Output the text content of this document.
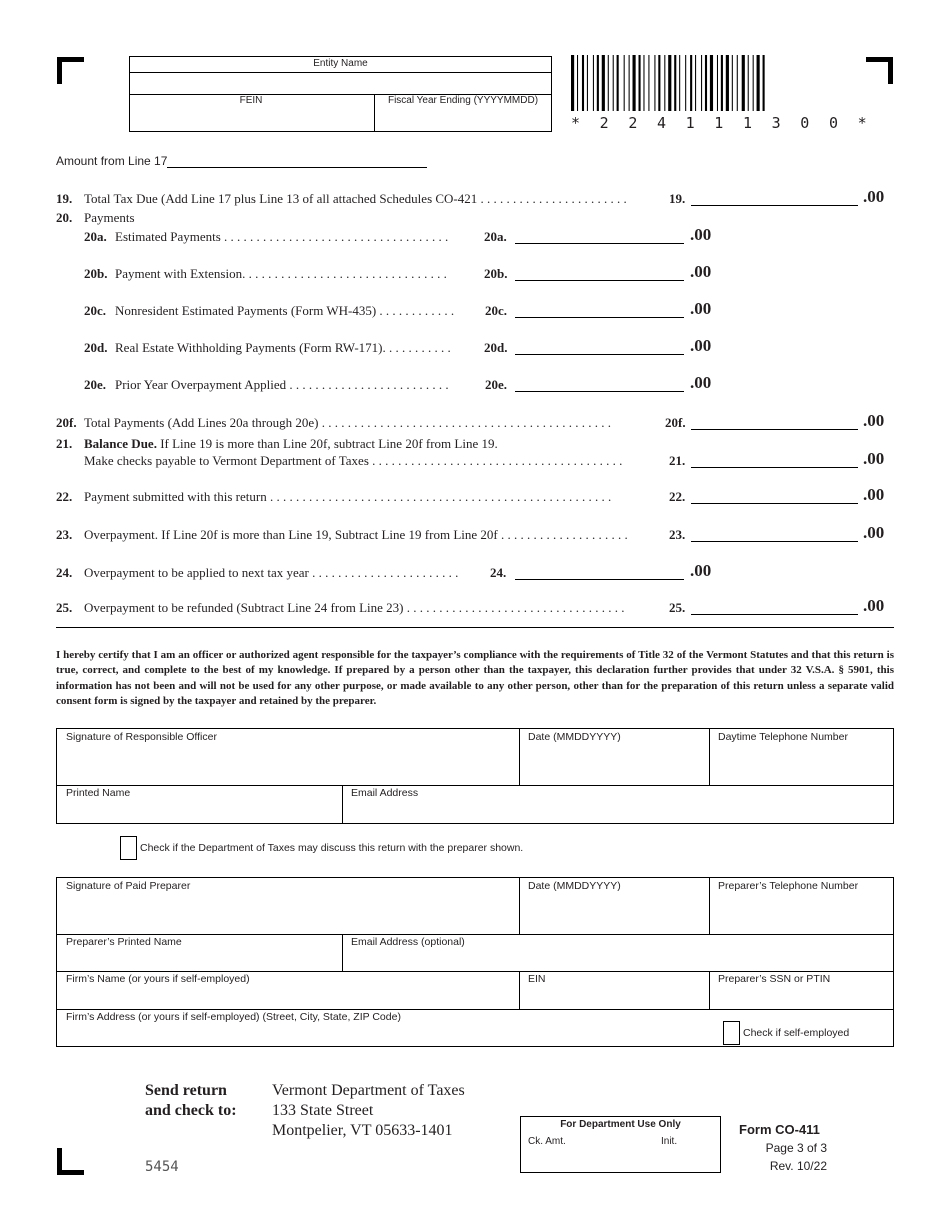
Entity Name
FEIN	Fiscal Year Ending (YYYYMMDD)
* 2 2 4 1 1 1 3 0 0 *
Amount from Line 17
19. Total Tax Due (Add Line 17 plus Line 13 of all attached Schedules CO-421 . . . . . . . . . . . . . . . . . . . . . . .	19.	.00
20. Payments
20a. Estimated Payments . . . . . . . . . . . . . . . . . . . . . . . . . . . . . . . . . . .	20a.	.00
20b. Payment with Extension. . . . . . . . . . . . . . . . . . . . . . . . . . . . . . . .	20b.	.00
20c. Nonresident Estimated Payments (Form WH-435) . . . . . . . . . . . . 20c.	.00
20d. Real Estate Withholding Payments (Form RW-171). . . . . . . . . . .	20d.	.00
20e. Prior Year Overpayment Applied . . . . . . . . . . . . . . . . . . . . . . . . .	20e.	.00
20f. Total Payments (Add Lines 20a through 20e) . . . . . . . . . . . . . . . . . . . . . . . . . . . . . . . . . . . . . . . . . . . . .	20f.	.00
21. Balance Due. If Line 19 is more than Line 20f, subtract Line 20f from Line 19.
Make checks payable to Vermont Department of Taxes . . . . . . . . . . . . . . . . . . . . . . . . . . . . . . . . . . . . . . .	21.	.00
22. Payment submitted with this return . . . . . . . . . . . . . . . . . . . . . . . . . . . . . . . . . . . . . . . . . . . . . . . . . . . . .	22.	.00
23. Overpayment. If Line 20f is more than Line 19, Subtract Line 19 from Line 20f . . . . . . . . . . . . . . . . . . . .	23.	.00
24. Overpayment to be applied to next tax year . . . . . . . . . . . . . . . . . . . . . . . 24.	.00
25. Overpayment to be refunded (Subtract Line 24 from Line 23) . . . . . . . . . . . . . . . . . . . . . . . . . . . . . . . . . .	25.	.00
I hereby certify that I am an officer or authorized agent responsible for the taxpayer’s compliance with the requirements of Title 32 of the Vermont Statutes and that this return is true, correct, and complete to the best of my knowledge. If prepared by a person other than the taxpayer, this declaration further provides that under 32 V.S.A. § 5901, this information has not been and will not be used for any other purpose, or made available to any other person, other than for the preparation of this return unless a separate valid consent form is signed by the taxpayer and retained by the preparer.
Signature of Responsible Officer	Date (MMDDYYYY)	Daytime Telephone Number
Printed Name	Email Address
Check if the Department of Taxes may discuss this return with the preparer shown.
Signature of Paid Preparer	Date (MMDDYYYY)	Preparer’s Telephone Number
Preparer’s Printed Name	Email Address (optional)
Firm’s Name (or yours if self-employed)	EIN	Preparer’s SSN or PTIN
Firm’s Address (or yours if self-employed) (Street, City, State, ZIP Code)
Check if self-employed
Send return
and check to:
Vermont Department of Taxes
133 State Street
Montpelier, VT 05633-1401	For Department Use Only
Ck. Amt.	Init.
5454
Form CO-411
Page 3 of 3
Rev. 10/22
